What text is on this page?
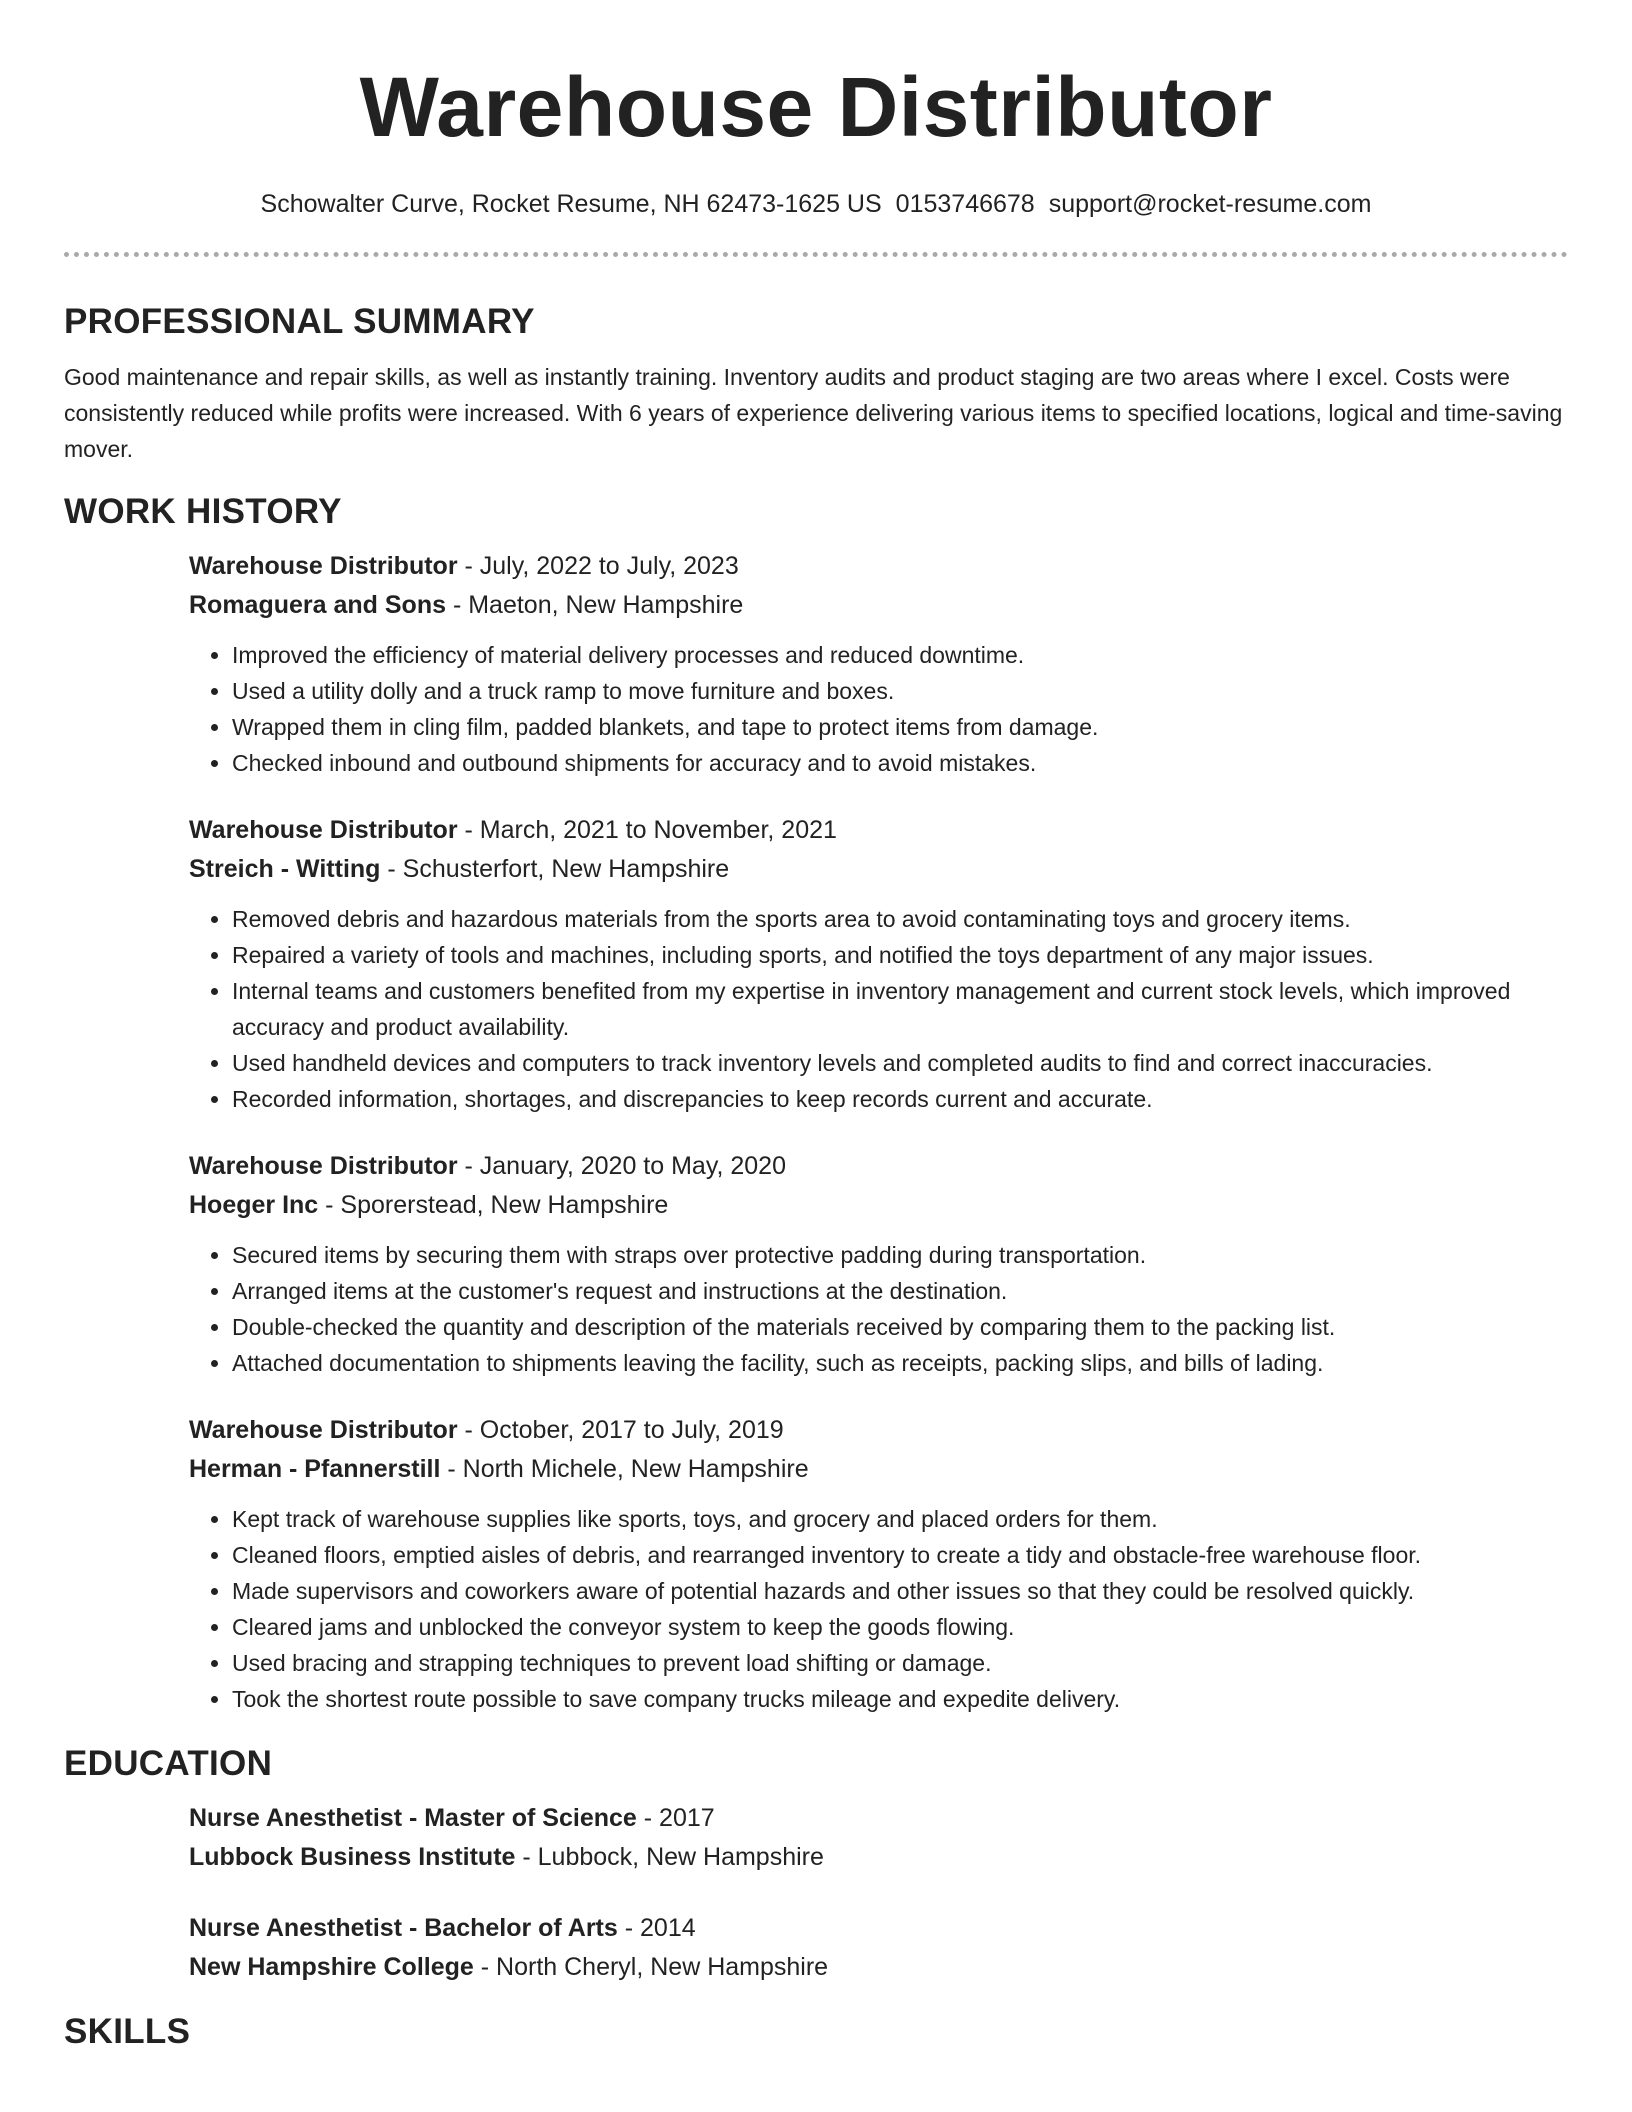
Warehouse Distributor
Schowalter Curve, Rocket Resume, NH 62473-1625 US 0153746678 support@rocket-resume.com
PROFESSIONAL SUMMARY

Good maintenance and repair skills, as well as instantly training. Inventory audits and product staging are two areas where I excel. Costs were consistently reduced while profits were increased. With 6 years of experience delivering various items to specified locations, logical and time-saving mover.

WORK HISTORY
Warehouse Distributor - July, 2022 to July, 2023
Romaguera and Sons - Maeton, New Hampshire
• Improved the efficiency of material delivery processes and reduced downtime.
• Used a utility dolly and a truck ramp to move furniture and boxes.
• Wrapped them in cling film, padded blankets, and tape to protect items from damage.
• Checked inbound and outbound shipments for accuracy and to avoid mistakes.
Warehouse Distributor - March, 2021 to November, 2021
Streich - Witting - Schusterfort, New Hampshire
• Removed debris and hazardous materials from the sports area to avoid contaminating toys and grocery items.
• Repaired a variety of tools and machines, including sports, and notified the toys department of any major issues.
• Internal teams and customers benefited from my expertise in inventory management and current stock levels, which improved accuracy and product availability.
• Used handheld devices and computers to track inventory levels and completed audits to find and correct inaccuracies.
• Recorded information, shortages, and discrepancies to keep records current and accurate.
Warehouse Distributor - January, 2020 to May, 2020
Hoeger Inc - Sporerstead, New Hampshire
• Secured items by securing them with straps over protective padding during transportation.
• Arranged items at the customer's request and instructions at the destination.
• Double-checked the quantity and description of the materials received by comparing them to the packing list.
• Attached documentation to shipments leaving the facility, such as receipts, packing slips, and bills of lading.
Warehouse Distributor - October, 2017 to July, 2019
Herman - Pfannerstill - North Michele, New Hampshire
• Kept track of warehouse supplies like sports, toys, and grocery and placed orders for them.
• Cleaned floors, emptied aisles of debris, and rearranged inventory to create a tidy and obstacle-free warehouse floor.
• Made supervisors and coworkers aware of potential hazards and other issues so that they could be resolved quickly.
• Cleared jams and unblocked the conveyor system to keep the goods flowing.
• Used bracing and strapping techniques to prevent load shifting or damage.
• Took the shortest route possible to save company trucks mileage and expedite delivery.
EDUCATION
Nurse Anesthetist - Master of Science - 2017
Lubbock Business Institute - Lubbock, New Hampshire
Nurse Anesthetist - Bachelor of Arts - 2014
New Hampshire College - North Cheryl, New Hampshire
SKILLS
